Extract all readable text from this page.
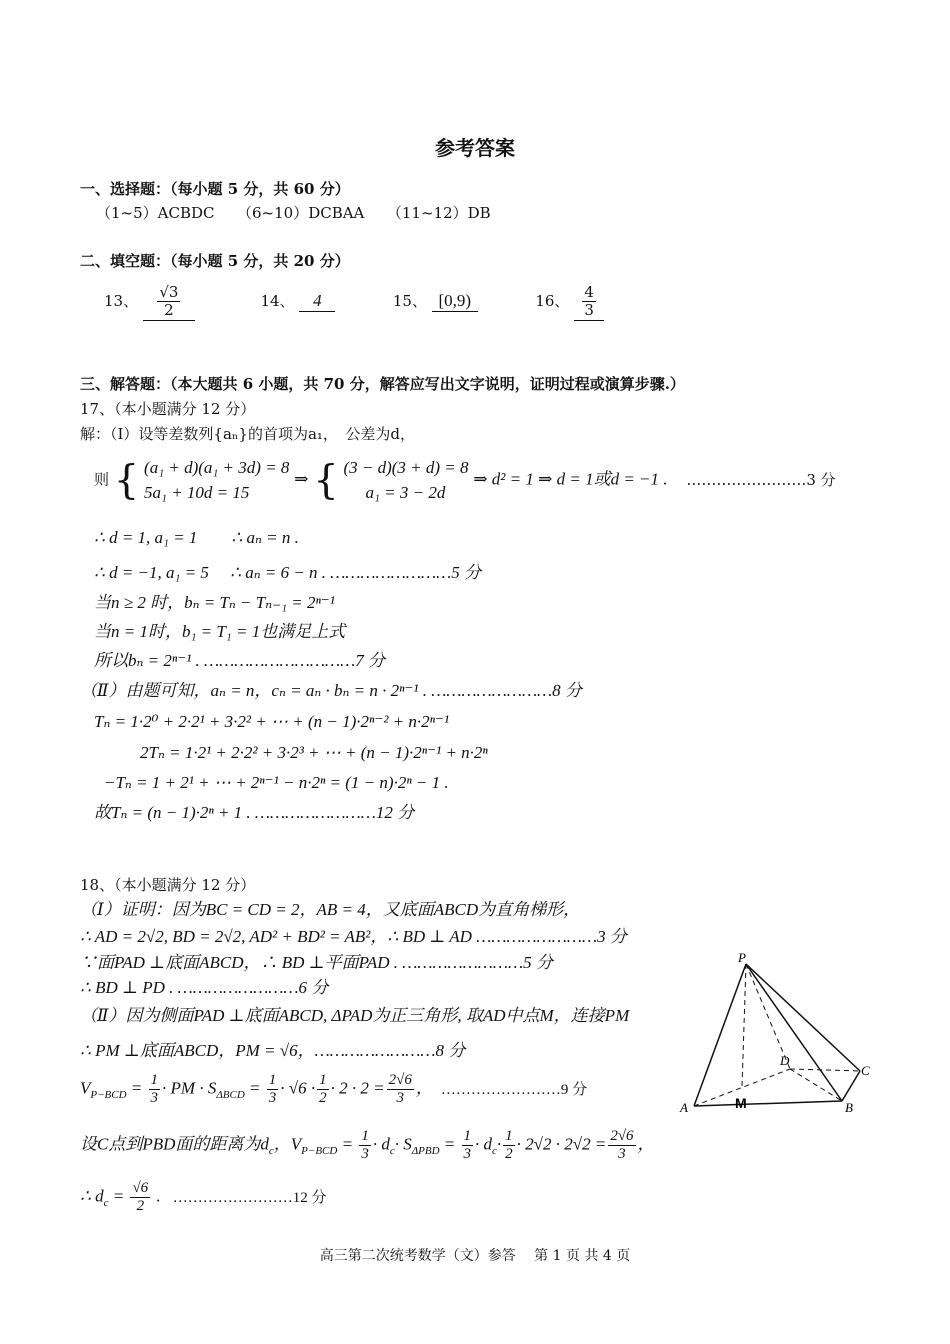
参考答案
一、选择题：（每小题 5 分，共 60 分）
（1~5）ACBDC　　（6~10）DCBAA　　（11~12）DB
二、填空题：（每小题 5 分，共 20 分）
13、 $\frac{√3}{2}$	14、 4	15、 [0,9)	16、 $\frac{4}{3}$
三、解答题：（本大题共 6 小题，共 70 分，解答应写出文字说明，证明过程或演算步骤.）
17、（本小题满分 12 分）
解：（Ⅰ）设等差数列{aₙ}的首项为a₁，　公差为d，
则 { (a₁ + d)(a₁ + 3d) = 8
5a₁ + 10d = 15 ⇒ { (3 − d)(3 + d) = 8
a₁ = 3 − 2d ⇒ d² = 1 ⇒ d = 1或d = −1 . ……………………3 分
∴ d = 1, a₁ = 1　　∴ aₙ = n .
∴ d = −1, a₁ = 5　 ∴ aₙ = 6 − n . ……………………5 分
当n ≥ 2 时，bₙ = Tₙ − Tₙ₋₁ = 2ⁿ⁻¹
当n = 1时，b₁ = T₁ = 1也满足上式
所以bₙ = 2ⁿ⁻¹ . …………………………7 分
（Ⅱ）由题可知，aₙ = n，cₙ = aₙ · bₙ = n · 2ⁿ⁻¹ . ……………………8 分
Tₙ = 1·2⁰ + 2·2¹ + 3·2² + ⋯ + (n − 1)·2ⁿ⁻² + n·2ⁿ⁻¹
2Tₙ = 1·2¹ + 2·2² + 3·2³ + ⋯ + (n − 1)·2ⁿ⁻¹ + n·2ⁿ
−Tₙ = 1 + 2¹ + ⋯ + 2ⁿ⁻¹ − n·2ⁿ = (1 − n)·2ⁿ − 1 .
故Tₙ = (n − 1)·2ⁿ + 1 . ……………………12 分
18、（本小题满分 12 分）
（Ⅰ）证明：因为BC = CD = 2，AB = 4，又底面ABCD为直角梯形，
∴ AD = 2√2, BD = 2√2, AD² + BD² = AB²，∴ BD ⊥ AD ……………………3 分
∵面PAD ⊥底面ABCD，∴ BD ⊥平面PAD . ……………………5 分
∴ BD ⊥ PD . ……………………6 分
（Ⅱ）因为侧面PAD ⊥底面ABCD, ΔPAD为正三角形, 取AD中点M，连接PM
∴ PM ⊥底面ABCD，PM = √6，……………………8 分
$V_{P-BCD} = \frac{1}{3}$ · PM · $S_{\Delta BCD} = \frac{1}{3} \cdot √6 \cdot \frac{1}{2} \cdot 2 \cdot 2 = \frac{2√6}{3}$ ， ……………………9 分
设C点到PBD面的距离为$d_c$，$V_{P-BCD} = \frac{1}{3} \cdot d_c\cdot S_{\Delta PBD} = \frac{1}{3} \cdot d_c\cdot \frac{1}{2} \cdot 2√2 \cdot 2√2 = \frac{2√6}{3}$ ，
∴ $d_c = \frac{√6}{2}$ . ……………………12 分
P
A	B
C
D
M
高三第二次统考数学（文）参答　 第 1 页 共 4 页
